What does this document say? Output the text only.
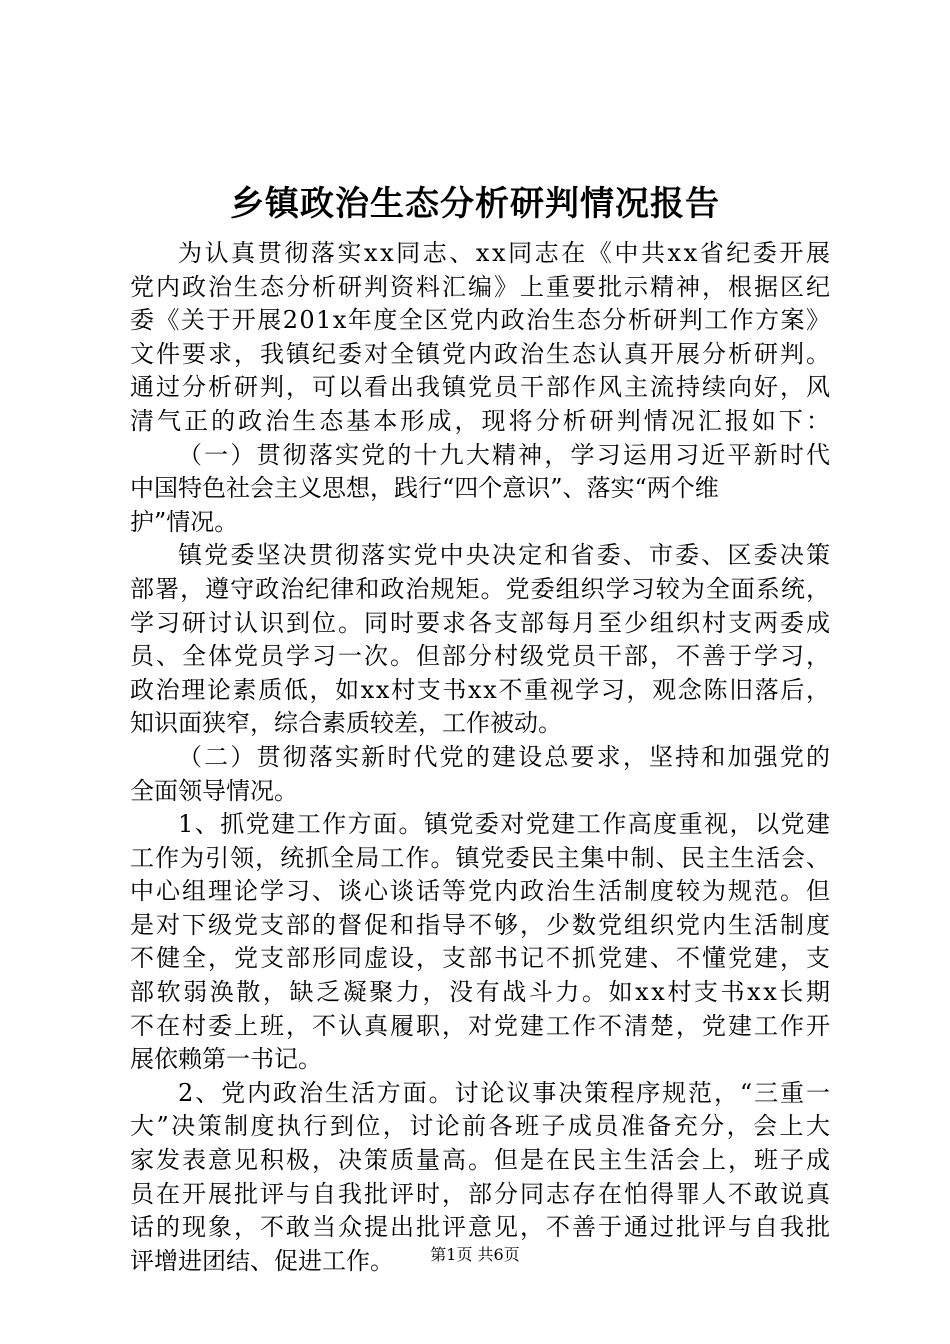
乡镇政治生态分析研判情况报告
为认真贯彻落实xx同志、xx同志在《中共xx省纪委开展
党内政治生态分析研判资料汇编》上重要批示精神，根据区纪
委《关于开展201x年度全区党内政治生态分析研判工作方案》
文件要求，我镇纪委对全镇党内政治生态认真开展分析研判。
通过分析研判，可以看出我镇党员干部作风主流持续向好，风
清气正的政治生态基本形成，现将分析研判情况汇报如下：
（一）贯彻落实党的十九大精神，学习运用习近平新时代
中国特色社会主义思想，践行“四个意识”、落实“两个维
护”情况。
镇党委坚决贯彻落实党中央决定和省委、市委、区委决策
部署，遵守政治纪律和政治规矩。党委组织学习较为全面系统，
学习研讨认识到位。同时要求各支部每月至少组织村支两委成
员、全体党员学习一次。但部分村级党员干部，不善于学习，
政治理论素质低，如xx村支书xx不重视学习，观念陈旧落后，
知识面狭窄，综合素质较差，工作被动。
（二）贯彻落实新时代党的建设总要求，坚持和加强党的
全面领导情况。
1、抓党建工作方面。镇党委对党建工作高度重视，以党建
工作为引领，统抓全局工作。镇党委民主集中制、民主生活会、
中心组理论学习、谈心谈话等党内政治生活制度较为规范。但
是对下级党支部的督促和指导不够，少数党组织党内生活制度
不健全，党支部形同虚设，支部书记不抓党建、不懂党建，支
部软弱涣散，缺乏凝聚力，没有战斗力。如xx村支书xx长期
不在村委上班，不认真履职，对党建工作不清楚，党建工作开
展依赖第一书记。
2、党内政治生活方面。讨论议事决策程序规范，“三重一
大”决策制度执行到位，讨论前各班子成员准备充分，会上大
家发表意见积极，决策质量高。但是在民主生活会上，班子成
员在开展批评与自我批评时，部分同志存在怕得罪人不敢说真
话的现象，不敢当众提出批评意见，不善于通过批评与自我批
评增进团结、促进工作。	第1页 共6页
